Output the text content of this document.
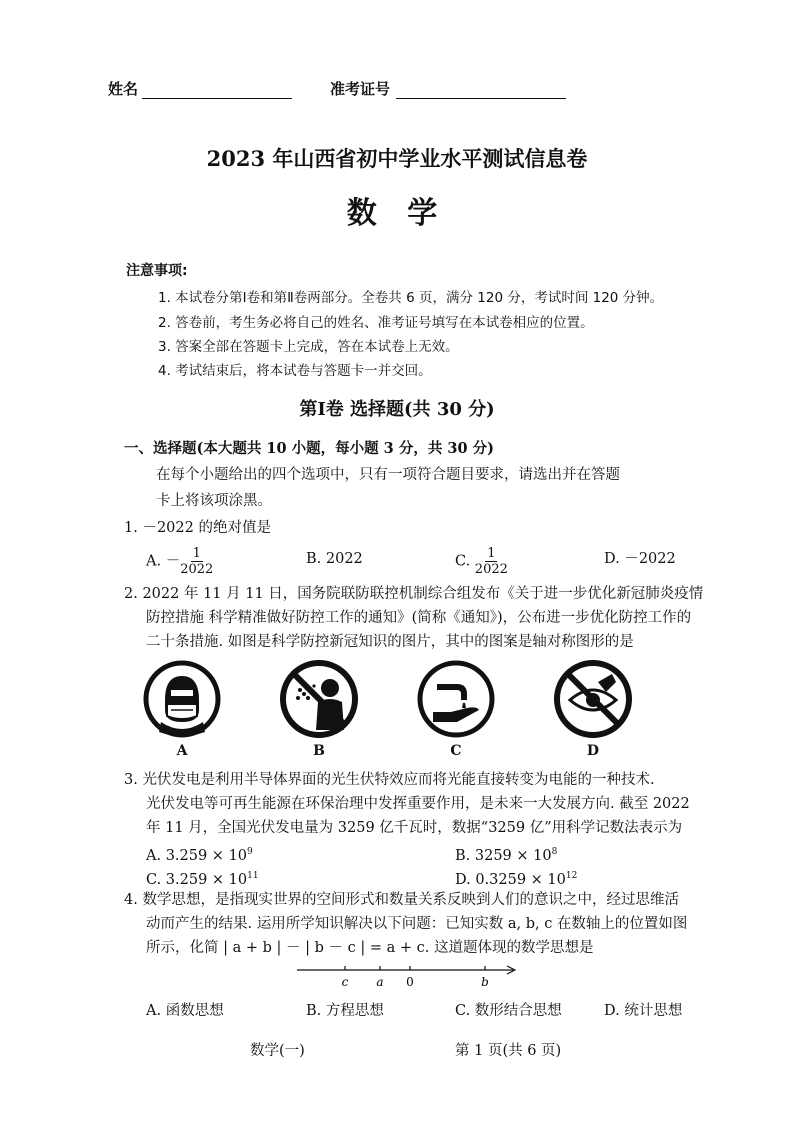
姓名	准考证号
2023 年山西省初中学业水平测试信息卷
数 学
注意事项:
1. 本试卷分第Ⅰ卷和第Ⅱ卷两部分。全卷共 6 页，满分 120 分，考试时间 120 分钟。
2. 答卷前，考生务必将自己的姓名、准考证号填写在本试卷相应的位置。
3. 答案全部在答题卡上完成，答在本试卷上无效。
4. 考试结束后，将本试卷与答题卡一并交回。
第Ⅰ卷 选择题(共 30 分)
一、选择题(本大题共 10 小题，每小题 3 分，共 30 分)
在每个小题给出的四个选项中，只有一项符合题目要求，请选出并在答题
卡上将该项涂黑。
1. －2022 的绝对值是
A. － $\frac{1}{2022}$	B. 2022	C. $\frac{1}{2022}$	D. －2022
2. 2022 年 11 月 11 日，国务院联防联控机制综合组发布《关于进一步优化新冠肺炎疫情
防控措施 科学精准做好防控工作的通知》(简称《通知》)，公布进一步优化防控工作的
二十条措施. 如图是科学防控新冠知识的图片，其中的图案是轴对称图形的是
A	B	C	D
3. 光伏发电是利用半导体界面的光生伏特效应而将光能直接转变为电能的一种技术.
光伏发电等可再生能源在环保治理中发挥重要作用，是未来一大发展方向. 截至 2022
年 11 月，全国光伏发电量为 3259 亿千瓦时，数据“3259 亿”用科学记数法表示为
A. $3.259 \times 10^9$	B. $3259 \times 10^8$
C. $3.259 \times 10^{11}$	D. $0.3259 \times 10^{12}$
4. 数学思想，是指现实世界的空间形式和数量关系反映到人们的意识之中，经过思维活
动而产生的结果. 运用所学知识解决以下问题：已知实数 a, b, c 在数轴上的位置如图
所示，化简 | a + b | － | b － c | = a + c. 这道题体现的数学思想是
c a 0	b
A. 函数思想	B. 方程思想	C. 数形结合思想	D. 统计思想
数学(一)	第 1 页(共 6 页)
